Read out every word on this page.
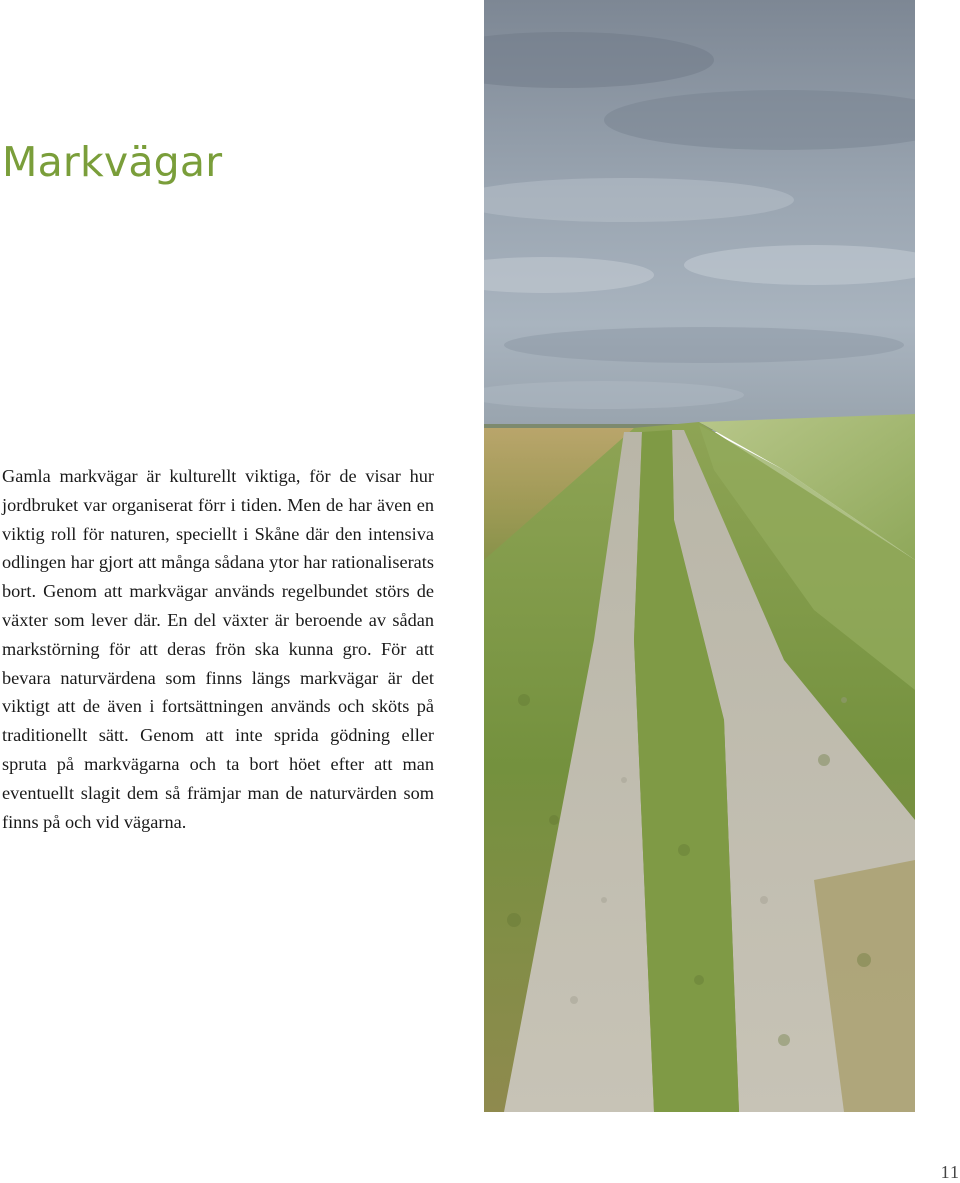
Markvägar

Gamla markvägar är kulturellt viktiga, för de visar hur jordbruket var organiserat förr i tiden. Men de har även en viktig roll för naturen, speciellt i Skåne där den intensiva odlingen har gjort att många sådana ytor har rationaliserats bort. Genom att markvägar används regelbundet störs de växter som lever där. En del växter är beroende av sådan markstörning för att deras frön ska kunna gro. För att bevara naturvärdena som finns längs markvägar är det viktigt att de även i fortsättningen används och sköts på traditionellt sätt. Genom att inte sprida gödning eller spruta på markvägarna och ta bort höet efter att man eventuellt slagit dem så främjar man de naturvärden som finns på och vid vägarna.

11
